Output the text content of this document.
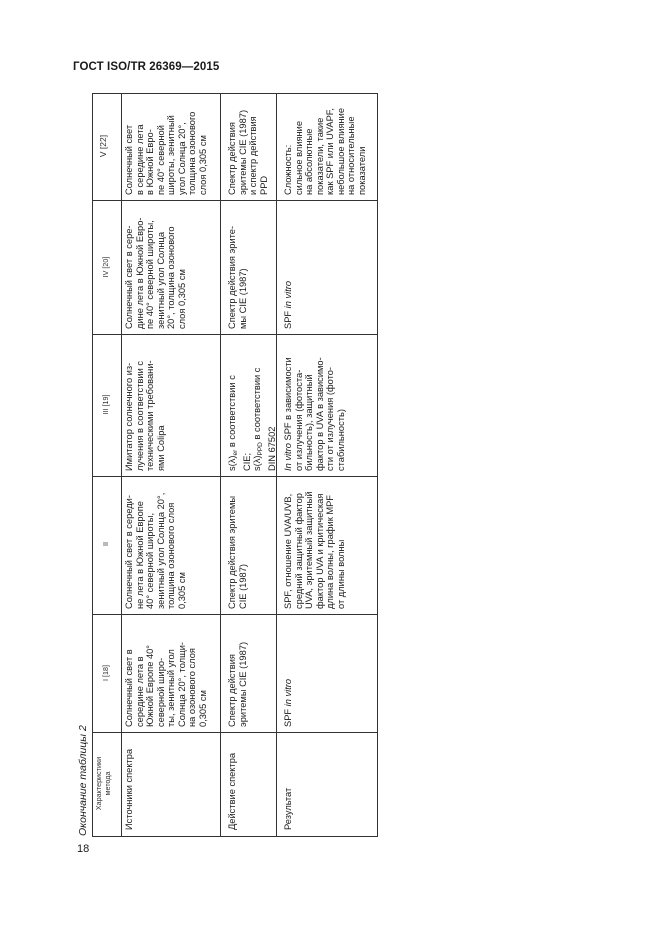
ГОСТ ISO/TR 26369—2015
18
Окончание таблицы 2 Характеристики метода
I [18]
II
III [19]
IV [20]
V [22]
Источники спектра
Солнечный свет в середине лета в Южной Европе 40° северной широ- ты, зенитный угол Солнца 20°, толщи- на озонового слоя 0,305 см
Солнечный свет в середи- не лета в Южной Европе 40° северной широты, зенитный угол Солнца 20°, толщина озонового слоя 0,305 см
Имитатор солнечного из- лучения в соответствии с техническими требовани- ями Colipa
Солнечный свет в сере- дине лета в Южной Евро- пе 40° северной широты, зенитный угол Солнца 20°, толщина озонового слоя 0,305 см
Солнечный свет в середине лета в Южной Евро- пе 40° северной широты, зенитный угол Солнца 20°, толщина озонового слоя 0,305 см
Действие спектра
Спектр действия эритемы CIE (1987)
Спектр действия эритемы CIE (1987)
$s(\lambda)_{er}$ в соответствии с
CIE; $s(\lambda)_{PPD}$ в соответствии с
DIN 67502
Спектр действия эрите- мы CIE (1987)
Спектр действия эритемы CIE (1987) и спектр действия PPD
Результат
SPF in vitro
SPF, отношение UVA/UVB, средний защитный фактор UVA, эритемный защитный фактор UVA и критическая длина волны, график MPF от длины волны
In vitro SPF в зависимости от излучения (фотоста- бильность), защитный фактор в UVA в зависимо- сти от излучения (фото- стабильность)
SPF in vitro
Сложность: сильное влияние на абсолютные показатели, такие как SPF или UVAPF, небольшое влияние на относительные показатели
